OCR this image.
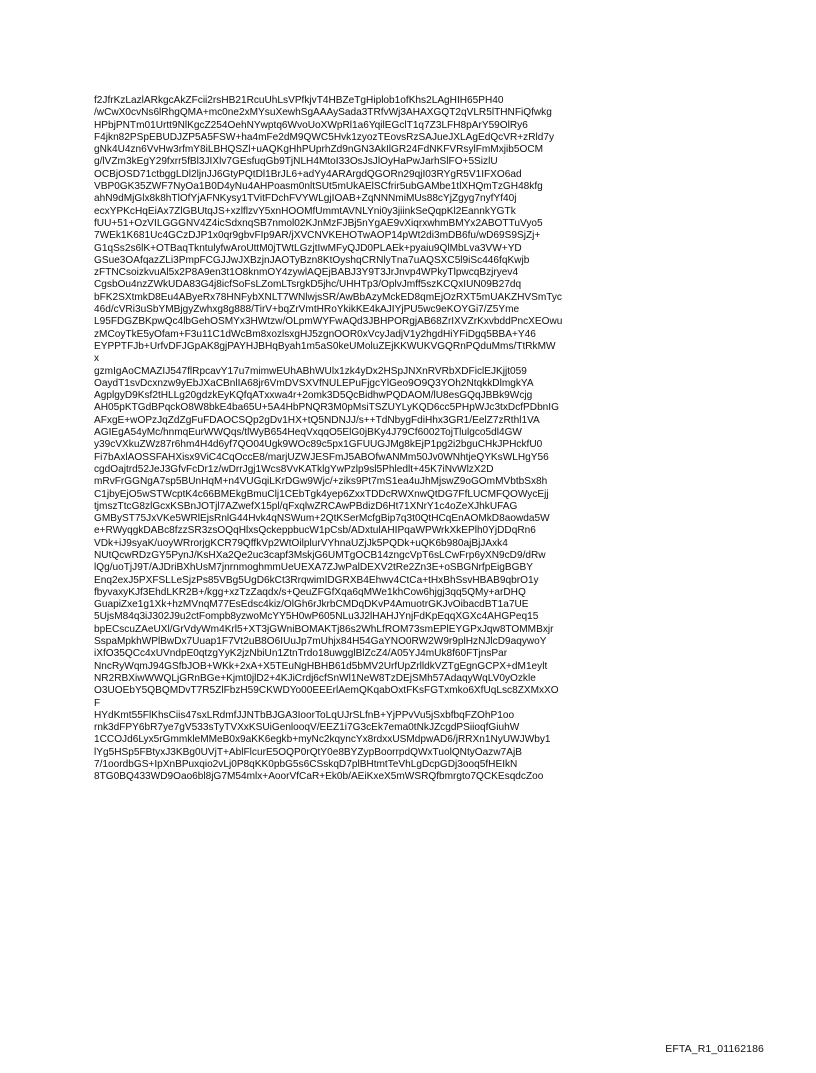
f2JfrKzLazlARkgcAkZFcii2rsHB21RcuUhLsVPfkjvT4HBZeTgHiplob1ofKhs2LAgHIH65PH40
/wCwX0cvNs6lRhgQMA+mc0ne2xMYsuXewhSgAAAySada3TRfvWj3AHAXGQT2qVLR5lTHNFiQfwkg
HPbjPNTm01Urtt9NlKgcZ254OehNYwptq6WvoUoXWpRl1a6YqilEGclT1q7Z3LFH8pArY59OlRy6
F4jkn82PSpEBUDJZP5A5FSW+ha4mFe2dM9QWC5Hvk1zyozTEovsRzSAJueJXLAgEdQcVR+zRld7y
gNk4U4zn6VvHw3rfmY8iLBHQSZl+uAQKgHhPUprhZd9nGN3AkIlGR24FdNKFVRsylFmMxjib5OCM
g/lVZm3kEgY29fxrr5fBl3JIXlv7GEsfuqGb9TjNLH4MtoI33OsJsJlOyHaPwJarhSlFO+5SizlU
OCBjOSD71ctbggLDl2ljnJJ6GtyPQtDl1BrJL6+adYy4ARArgdQGORn29qjI03RYgR5V1IFXO6ad
VBP0GK35ZWF7NyOa1B0D4yNu4AHPoasm0nltSUt5mUkAElSCfrir5ubGAMbe1tlXHQmTzGH48kfg
ahN9dMjGlx8k8hTlOfYjAFNKysy1TVitFDchFVYWLgjIOAB+ZqNNNmiMUs88cYjZgyg7nyfYf40j
ecxYPKcHqEiAx7ZlGBUtqJS+xzlflzvY5xnHOOMfUmmtAVNLYni0y3jiinkSeQqpKl2EannkYGTk
fUU+51+OzVILGGGNV4Z4icSdxnqSB7nmol02KJnMzFJBj5nYgAE9vXiqrxwhmBMYx2ABOTTuVyo5
7WEk1K681Uc4GCzDJP1x0qr9gbvFIp9AR/jXVCNVKEHOTwAOP14pWt2di3mDB6fu/wD69S9SjZj+
G1qSs2s6lK+OTBaqTkntulyfwAroUttM0jTWtLGzjtIwMFyQJD0PLAEk+pyaiu9QlMbLva3VW+YD
GSue3OAfqazZLi3PmpFCGJJwJXBzjnJAOTyBzn8KtOyshqCRNlyTna7uAQSXC5l9iSc446fqKwjb
zFTNCsoizkvuAl5x2P8A9en3t1O8knmOY4zywlAQEjBABJ3Y9T3JrJnvp4WPkyTlpwcqBzjryev4
CgsbOu4nzZWkUDA83G4j8icfSoFsLZomLTsrgkD5jhc/UHHTp3/OplvJmff5szKCQxIUN09B27dq
bFK2SXtmkD8Eu4AByeRx78HNFybXNLT7WNlwjsSR/AwBbAzyMckED8qmEjOzRXT5mUAKZHVSmTyc
46d/cVRi3uSbYMBjgyZwhxg8g888/TirV+bqZrVmtHRoYkikKE4kAJIYjPU5wc9eKOYGi7/Z5Yme
L95FDGZBKpwQc4lbGehOSMYx3HWtzw/OLpmWYFwAQd3JBHPORgjAB68ZrIXVZrKxvbddPncXEOwu
zMCoyTkE5yOfam+F3u11C1dWcBm8xozlsxgHJ5zgnOOR0xVcyJadjV1y2hgdHiYFiDgq5BBA+Y46
EYPPTFJb+UrfvDFJGpAK8gjPAYHJBHqByah1m5aS0keUMoluZEjKKWUKVGQRnPQduMms/TtRkMW
x
gzmIgAoCMAZIJ547flRpcavY17u7mimwEUhABhWUlx1zk4yDx2HSpJNXnRVRbXDFiclEJKjjt059
OaydT1svDcxnzw9yEbJXaCBnlIA68jr6VmDVSXVfNULEPuFjgcYlGeo9O9Q3YOh2NtqkkDlmgkYA
AgplgyD9Ksf2tHLLg20gdzkEyKQfqATxxwa4r+2omk3D5QcBidhwPQDAOM/lU8esGQqJBBk9Wcjg
AH05pKTGdBPqckO8W8bkE4ba65U+5A4HbPNQR3M0pMsiTSZUYLyKQD6cc5PHpWJc3txDcfPDbnIG
AFxgE+wOPzJqZdZgFuFDAOCSQp2gDv1HX+tQ5NDNJJ/s++TdNbygFdiHhx3GR1/EelZ7zRthl1VA
AGIEgA54yMc/hnmqEurWWQqs/tlWyB654HeqVxqqO5ElG0jBKy4J79Cf6002TojTlulgco5dl4GW
y39cVXkuZWz87r6hm4H4d6yf7QO04Ugk9WOc89c5px1GFUUGJMg8kEjP1pg2i2bguCHkJPHckfU0
Fi7bAxlAOSSFAHXisx9ViC4CqOccE8/marjUZWJESFmJ5ABOfwANMm50Jv0WNhtjeQYKsWLHgY56
cgdOajtrd52JeJ3GfvFcDr1z/wDrrJgj1Wcs8VvKATklgYwPzlp9sl5Phledlt+45K7iNvWlzX2D
mRvFrGGNgA7sp5BUnHqM+n4VUGqiLKrDGw9Wjc/+ziks9Pt7mS1ea4uJhMjswZ9oGOmMVbtbSx8h
C1jbyEjO5wSTWcptK4c66BMEkgBmuClj1CEbTgk4yep6ZxxTDDcRWXnwQtDG7FfLUCMFQOWycEjj
tjmszTtcG8zlGcxKSBnJOTjl7AZwefX15pl/qFxqlwZRCAwPBdizD6Ht71XNrY1c4oZeXJhkUFAG
GMByST75JxVKe5WRlEjsRnlG44Hvk4qNSWum+2QtKSerMcfgBip7q3t0QtHCqEnAOMkD8aowda5W
e+RWyqgkDABc8fzzSR3zsOQqHlxsQckeppbucW1pCsb/ADxtulAHIPqaWPWrkXkEPlh0YjDDqRn6
VDk+iJ9syaK/uoyWRrorjgKCR79QffkVp2WtOilplurVYhnaUZjJk5PQDk+uQK6b980ajBjJAxk4
NUtQcwRDzGY5PynJ/KsHXa2Qe2uc3capf3MskjG6UMTgOCB14zngcVpT6sLCwFrp6yXN9cD9/dRw
lQg/uoTjJ9T/AJDriBXhUsM7jnrnmoghmmUeUEXA7ZJwPalDEXV2tRe2Zn3E+oSBGNrfpEigBGBY
Enq2exJ5PXFSLLeSjzPs85VBg5UgD6kCt3RrqwimIDGRXB4Ehwv4CtCa+tHxBhSsvHBAB9qbrO1y
fbyvaxyKJf3EhdLKR2B+/kgg+xzTzZaqdx/s+QeuZFGfXqa6qMWe1khCow6hjgj3qq5QMy+arDHQ
GuapiZxe1g1Xk+hzMVnqM77EsEdsc4kiz/OlGh6rJkrbCMDqDKvP4AmuotrGKJvOibacdBT1a7UE
5UjsM84q3iJ302J9u2ctFompb8yzwoMcYY5H0wP605NLu3J2lHAHJYnjFdKpEqqXGXc4AHGPeq15
bpECscuZAeUXl/GrVdyWm4Krl5+XT3jGWniBOMAKTj86s2WhLfROM73smEPlEYGPxJqw8TOMMBxjr
SspaMpkhWPlBwDx7Uuap1F7Vt2uB8O6IUuJp7mUhjx84H54GaYNO0RW2W9r9plHzNJlcD9aqywoY
iXfO35QCc4xUVndpE0qtzgYyK2jzNbiUn1ZtnTrdo18uwgglBlZcZ4/A05YJ4mUk8f60FTjnsPar
NncRyWqmJ94GSfbJOB+WKk+2xA+X5TEuNgHBHB61d5bMV2UrfUpZrlldkVZTgEgnGCPX+dM1eylt
NR2RBXiwWWQLjGRnBGe+Kjmt0jlD2+4KJiCrdj6cfSnWl1NeW8TzDEjSMh57AdaqyWqLV0yOzkle
O3UOEbY5QBQMDvT7R5ZlFbzH59CKWDYo00EEErlAemQKqabOxtFKsFGTxmko6XfUqLsc8ZXMxXO
F
HYdKmt55FlKhsCiis47sxLRdmfJJNTbBJGA3IoorToLqUJrSLfnB+YjPPvVu5jSxbfbqFZOhP1oo
rnk3dFPY6bR7ye7gV533sTyTVXxKSUiGenlooqV/EEZ1i7G3cEk7ema0tNkJZcgdPSiioqfGiuhW
1CCOJd6Lyx5rGmmkleMMeB0x9aKK6egkb+myNc2kqyncYx8rdxxUSMdpwAD6/jRRXn1NyUWJWby1
lYg5HSp5FBtyxJ3KBg0UVjT+AblFlcurE5OQP0rQtY0e8BYZypBoorrpdQWxTuolQNtyOazw7AjB
7/1oordbGS+IpXnBPuxqio2vLj0P8qKK0pbG5s6CSskqD7plBHtmtTeVhLgDcpGDj3ooq5fHEIkN
8TG0BQ433WD9Oao6bl8jG7M54mlx+AoorVfCaR+Ek0b/AEiKxeX5mWSRQfbmrgto7QCKEsqdcZoo
EFTA_R1_01162186
